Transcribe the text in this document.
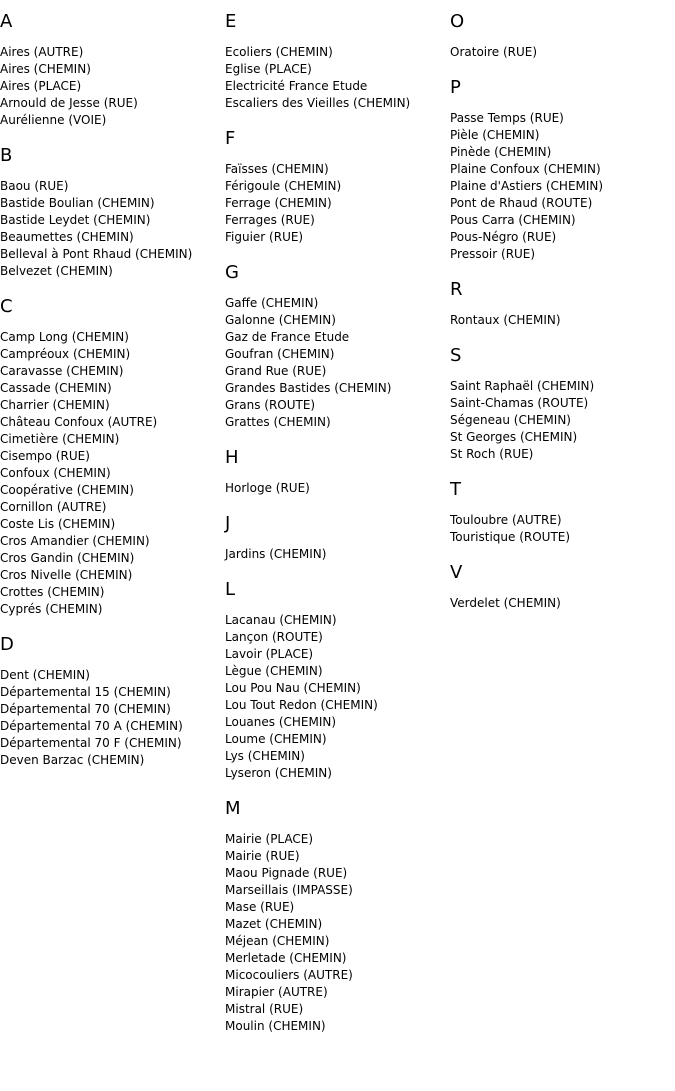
A
Aires (AUTRE)
Aires (CHEMIN)
Aires (PLACE)
Arnould de Jesse (RUE)
Aurélienne (VOIE)
B
Baou (RUE)
Bastide Boulian (CHEMIN)
Bastide Leydet (CHEMIN)
Beaumettes (CHEMIN)
Belleval à Pont Rhaud (CHEMIN)
Belvezet (CHEMIN)
C
Camp Long (CHEMIN)
Campréoux (CHEMIN)
Caravasse (CHEMIN)
Cassade (CHEMIN)
Charrier (CHEMIN)
Château Confoux (AUTRE)
Cimetière (CHEMIN)
Cisempo (RUE)
Confoux (CHEMIN)
Coopérative (CHEMIN)
Cornillon (AUTRE)
Coste Lis (CHEMIN)
Cros Amandier (CHEMIN)
Cros Gandin (CHEMIN)
Cros Nivelle (CHEMIN)
Crottes (CHEMIN)
Cyprés (CHEMIN)
D
Dent (CHEMIN)
Départemental 15 (CHEMIN)
Départemental 70 (CHEMIN)
Départemental 70 A (CHEMIN)
Départemental 70 F (CHEMIN)
Deven Barzac (CHEMIN)
E
Ecoliers (CHEMIN)
Eglise (PLACE)
Electricité France Etude
Escaliers des Vieilles (CHEMIN)
F
Faïsses (CHEMIN)
Férigoule (CHEMIN)
Ferrage (CHEMIN)
Ferrages (RUE)
Figuier (RUE)
G
Gaffe (CHEMIN)
Galonne (CHEMIN)
Gaz de France Etude
Goufran (CHEMIN)
Grand Rue (RUE)
Grandes Bastides (CHEMIN)
Grans (ROUTE)
Grattes (CHEMIN)
H
Horloge (RUE)
J
Jardins (CHEMIN)
L
Lacanau (CHEMIN)
Lançon (ROUTE)
Lavoir (PLACE)
Lègue (CHEMIN)
Lou Pou Nau (CHEMIN)
Lou Tout Redon (CHEMIN)
Louanes (CHEMIN)
Loume (CHEMIN)
Lys (CHEMIN)
Lyseron (CHEMIN)
M
Mairie (PLACE)
Mairie (RUE)
Maou Pignade (RUE)
Marseillais (IMPASSE)
Mase (RUE)
Mazet (CHEMIN)
Méjean (CHEMIN)
Merletade (CHEMIN)
Micocouliers (AUTRE)
Mirapier (AUTRE)
Mistral (RUE)
Moulin (CHEMIN)
O
Oratoire (RUE)
P
Passe Temps (RUE)
Pièle (CHEMIN)
Pinède (CHEMIN)
Plaine Confoux (CHEMIN)
Plaine d'Astiers (CHEMIN)
Pont de Rhaud (ROUTE)
Pous Carra (CHEMIN)
Pous-Négro (RUE)
Pressoir (RUE)
R
Rontaux (CHEMIN)
S
Saint Raphaël (CHEMIN)
Saint-Chamas (ROUTE)
Ségeneau (CHEMIN)
St Georges (CHEMIN)
St Roch (RUE)
T
Touloubre (AUTRE)
Touristique (ROUTE)
V
Verdelet (CHEMIN)
